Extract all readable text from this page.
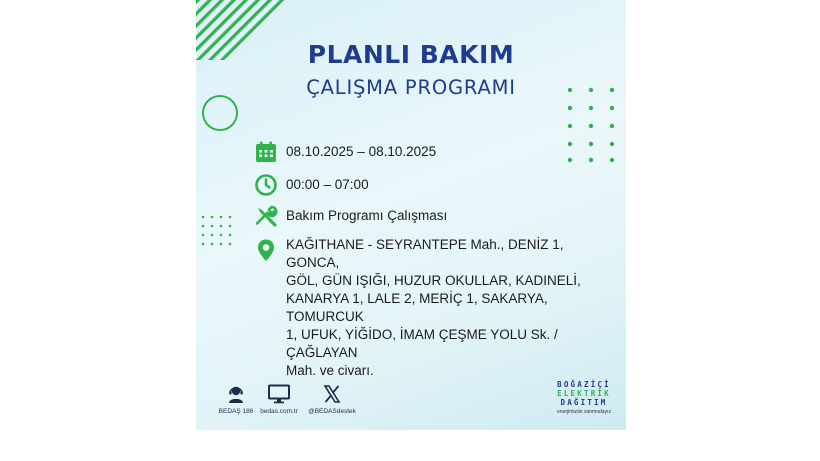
PLANLI BAKIM
ÇALIŞMA PROGRAMI
08.10.2025 – 08.10.2025
00:00 – 07:00
Bakım Programı Çalışması
KAĞITHANE - SEYRANTEPE Mah., DENİZ 1, GONCA,
GÖL, GÜN IŞIĞI, HUZUR OKULLAR, KADINELİ,
KANARYA 1, LALE 2, MERİÇ 1, SAKARYA, TOMURCUK
1, UFUK, YİĞİDO, İMAM ÇEŞME YOLU Sk. /ÇAĞLAYAN
Mah. ve civarı.
BEDAŞ 186	bedas.com.tr	@BEDASdestek
BOĞAZİÇİ
ELEKTRİK
DAĞITIM
enerjimizde sanmodayız
